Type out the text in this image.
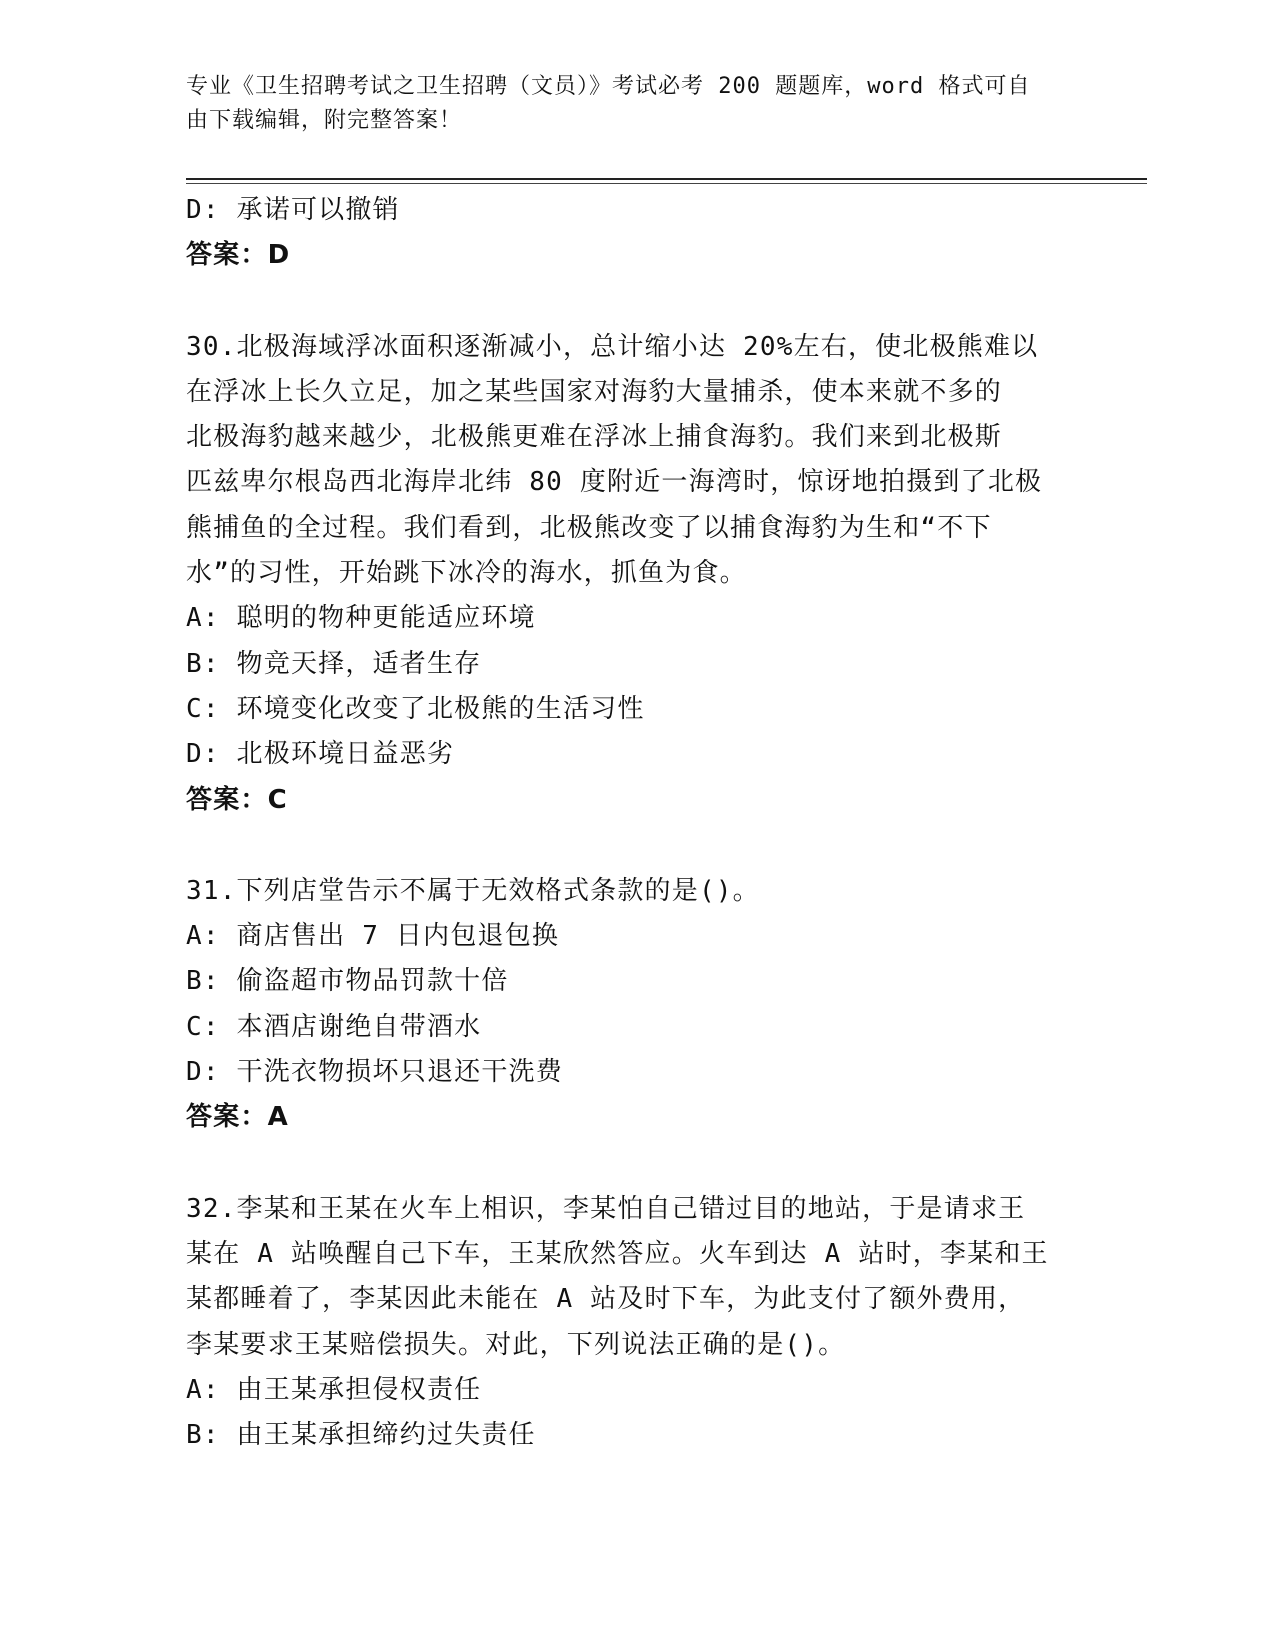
专业《卫生招聘考试之卫生招聘（文员）》考试必考 200 题题库，word 格式可自
由下载编辑，附完整答案！
D: 承诺可以撤销
答案：D
30.北极海域浮冰面积逐渐减小，总计缩小达 20%左右，使北极熊难以
在浮冰上长久立足，加之某些国家对海豹大量捕杀，使本来就不多的
北极海豹越来越少，北极熊更难在浮冰上捕食海豹。我们来到北极斯
匹兹卑尔根岛西北海岸北纬 80 度附近一海湾时，惊讶地拍摄到了北极
熊捕鱼的全过程。我们看到，北极熊改变了以捕食海豹为生和“不下
水”的习性，开始跳下冰冷的海水，抓鱼为食。
A: 聪明的物种更能适应环境
B: 物竞天择，适者生存
C: 环境变化改变了北极熊的生活习性
D: 北极环境日益恶劣
答案：C
31.下列店堂告示不属于无效格式条款的是()。
A: 商店售出 7 日内包退包换
B: 偷盗超市物品罚款十倍
C: 本酒店谢绝自带酒水
D: 干洗衣物损坏只退还干洗费
答案：A
32.李某和王某在火车上相识，李某怕自己错过目的地站，于是请求王
某在 A 站唤醒自己下车，王某欣然答应。火车到达 A 站时，李某和王
某都睡着了，李某因此未能在 A 站及时下车，为此支付了额外费用，
李某要求王某赔偿损失。对此，下列说法正确的是()。
A: 由王某承担侵权责任
B: 由王某承担缔约过失责任
